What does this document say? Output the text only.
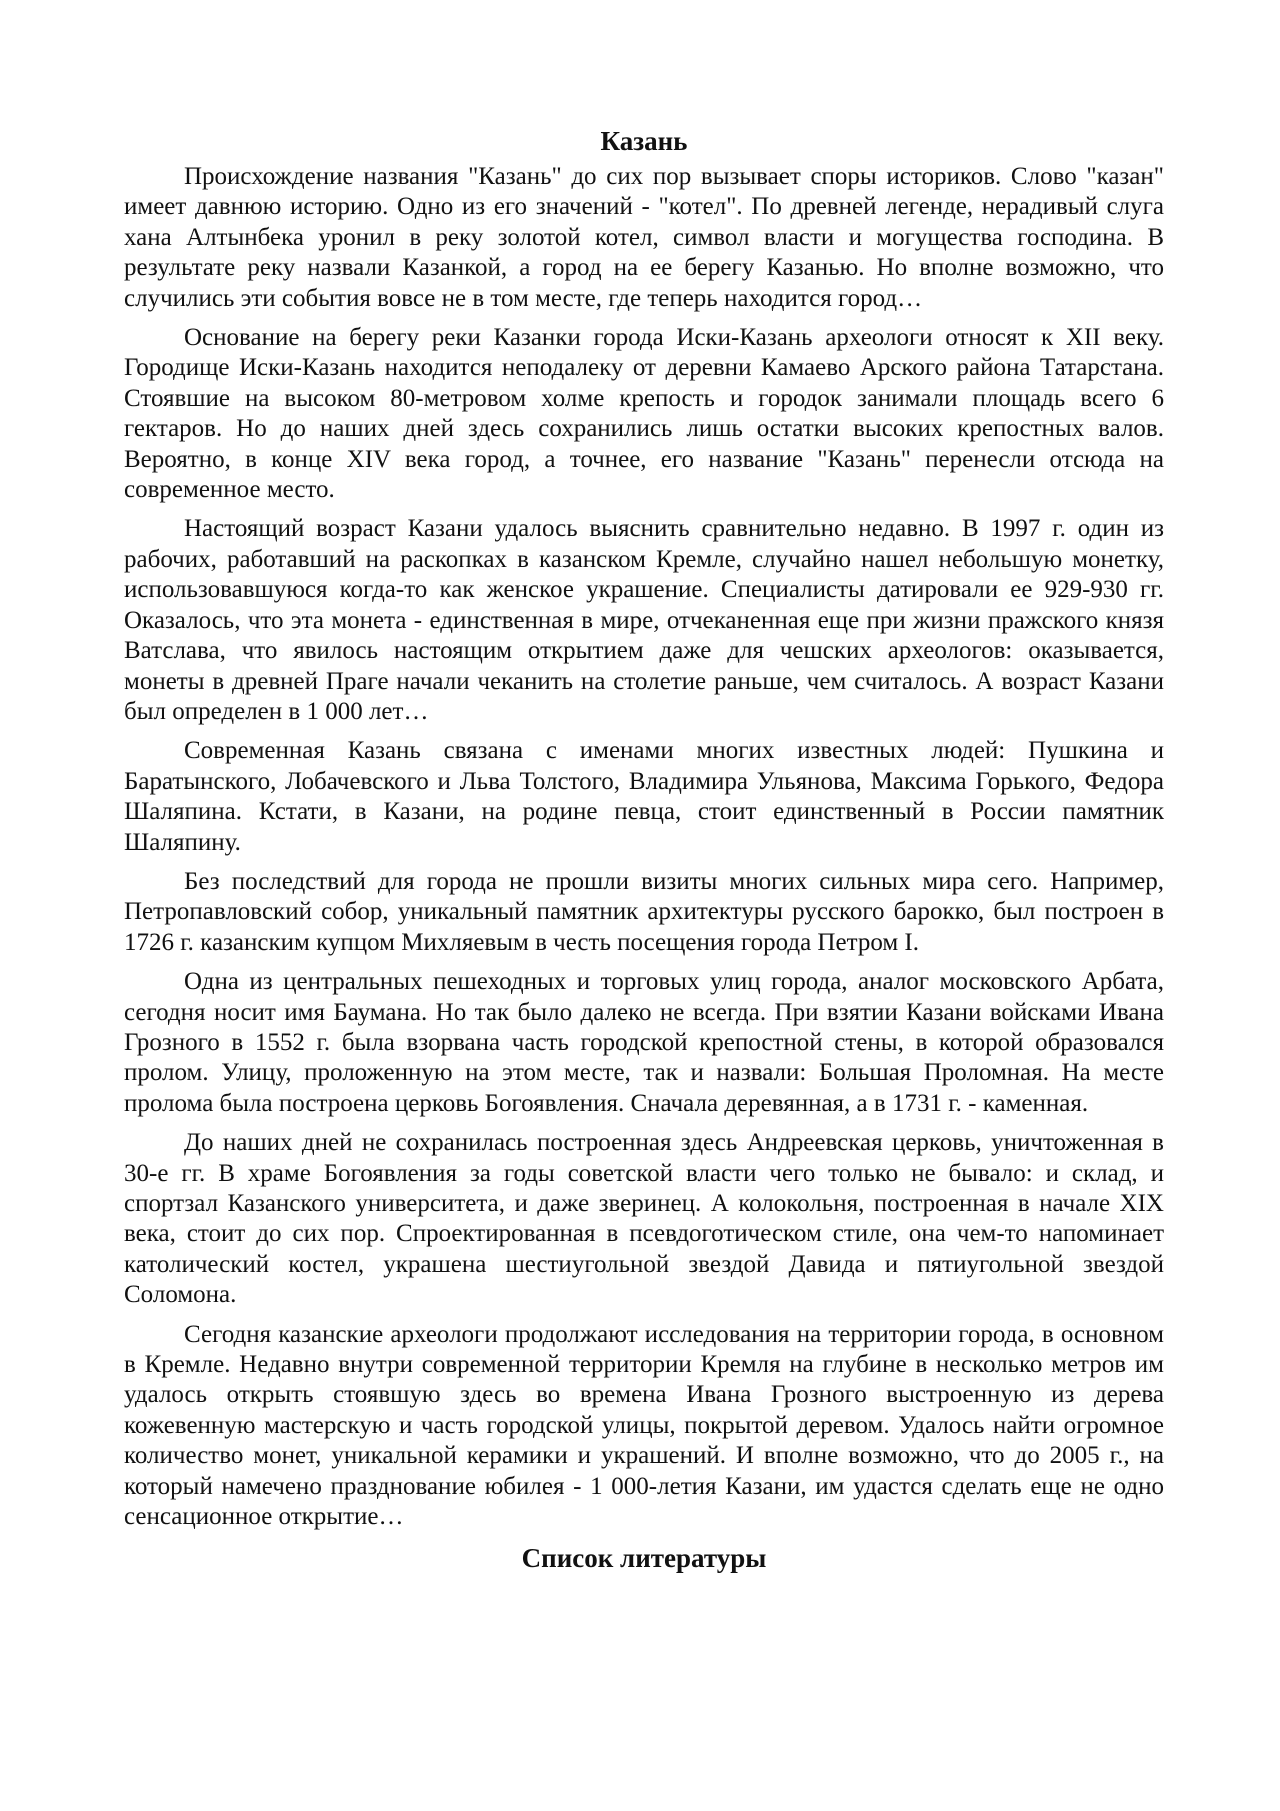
Казань

Происхождение названия "Казань" до сих пор вызывает споры историков. Слово "казан" имеет давнюю историю. Одно из его значений - "котел". По древней легенде, нерадивый слуга хана Алтынбека уронил в реку золотой котел, символ власти и могущества господина. В результате реку назвали Казанкой, а город на ее берегу Казанью. Но вполне возможно, что случились эти события вовсе не в том месте, где теперь находится город…

Основание на берегу реки Казанки города Иски-Казань археологи относят к XII веку. Городище Иски-Казань находится неподалеку от деревни Камаево Арского района Татарстана. Стоявшие на высоком 80-метровом холме крепость и городок занимали площадь всего 6 гектаров. Но до наших дней здесь сохранились лишь остатки высоких крепостных валов. Вероятно, в конце XIV века город, а точнее, его название "Казань" перенесли отсюда на современное место.

Настоящий возраст Казани удалось выяснить сравнительно недавно. В 1997 г. один из рабочих, работавший на раскопках в казанском Кремле, случайно нашел небольшую монетку, использовавшуюся когда-то как женское украшение. Специалисты датировали ее 929-930 гг. Оказалось, что эта монета - единственная в мире, отчеканенная еще при жизни пражского князя Ватслава, что явилось настоящим открытием даже для чешских археологов: оказывается, монеты в древней Праге начали чеканить на столетие раньше, чем считалось. А возраст Казани был определен в 1 000 лет…

Современная Казань связана с именами многих известных людей: Пушкина и Баратынского, Лобачевского и Льва Толстого, Владимира Ульянова, Максима Горького, Федора Шаляпина. Кстати, в Казани, на родине певца, стоит единственный в России памятник Шаляпину.

Без последствий для города не прошли визиты многих сильных мира сего. Например, Петропавловский собор, уникальный памятник архитектуры русского барокко, был построен в 1726 г. казанским купцом Михляевым в честь посещения города Петром I.

Одна из центральных пешеходных и торговых улиц города, аналог московского Арбата, сегодня носит имя Баумана. Но так было далеко не всегда. При взятии Казани войсками Ивана Грозного в 1552 г. была взорвана часть городской крепостной стены, в которой образовался пролом. Улицу, проложенную на этом месте, так и назвали: Большая Проломная. На месте пролома была построена церковь Богоявления. Сначала деревянная, а в 1731 г. - каменная.

До наших дней не сохранилась построенная здесь Андреевская церковь, уничтоженная в 30-е гг. В храме Богоявления за годы советской власти чего только не бывало: и склад, и спортзал Казанского университета, и даже зверинец. А колокольня, построенная в начале XIX века, стоит до сих пор. Спроектированная в псевдоготическом стиле, она чем-то напоминает католический костел, украшена шестиугольной звездой Давида и пятиугольной звездой Соломона.

Сегодня казанские археологи продолжают исследования на территории города, в основном в Кремле. Недавно внутри современной территории Кремля на глубине в несколько метров им удалось открыть стоявшую здесь во времена Ивана Грозного выстроенную из дерева кожевенную мастерскую и часть городской улицы, покрытой деревом. Удалось найти огромное количество монет, уникальной керамики и украшений. И вполне возможно, что до 2005 г., на который намечено празднование юбилея - 1 000-летия Казани, им удастся сделать еще не одно сенсационное открытие…

Список литературы
